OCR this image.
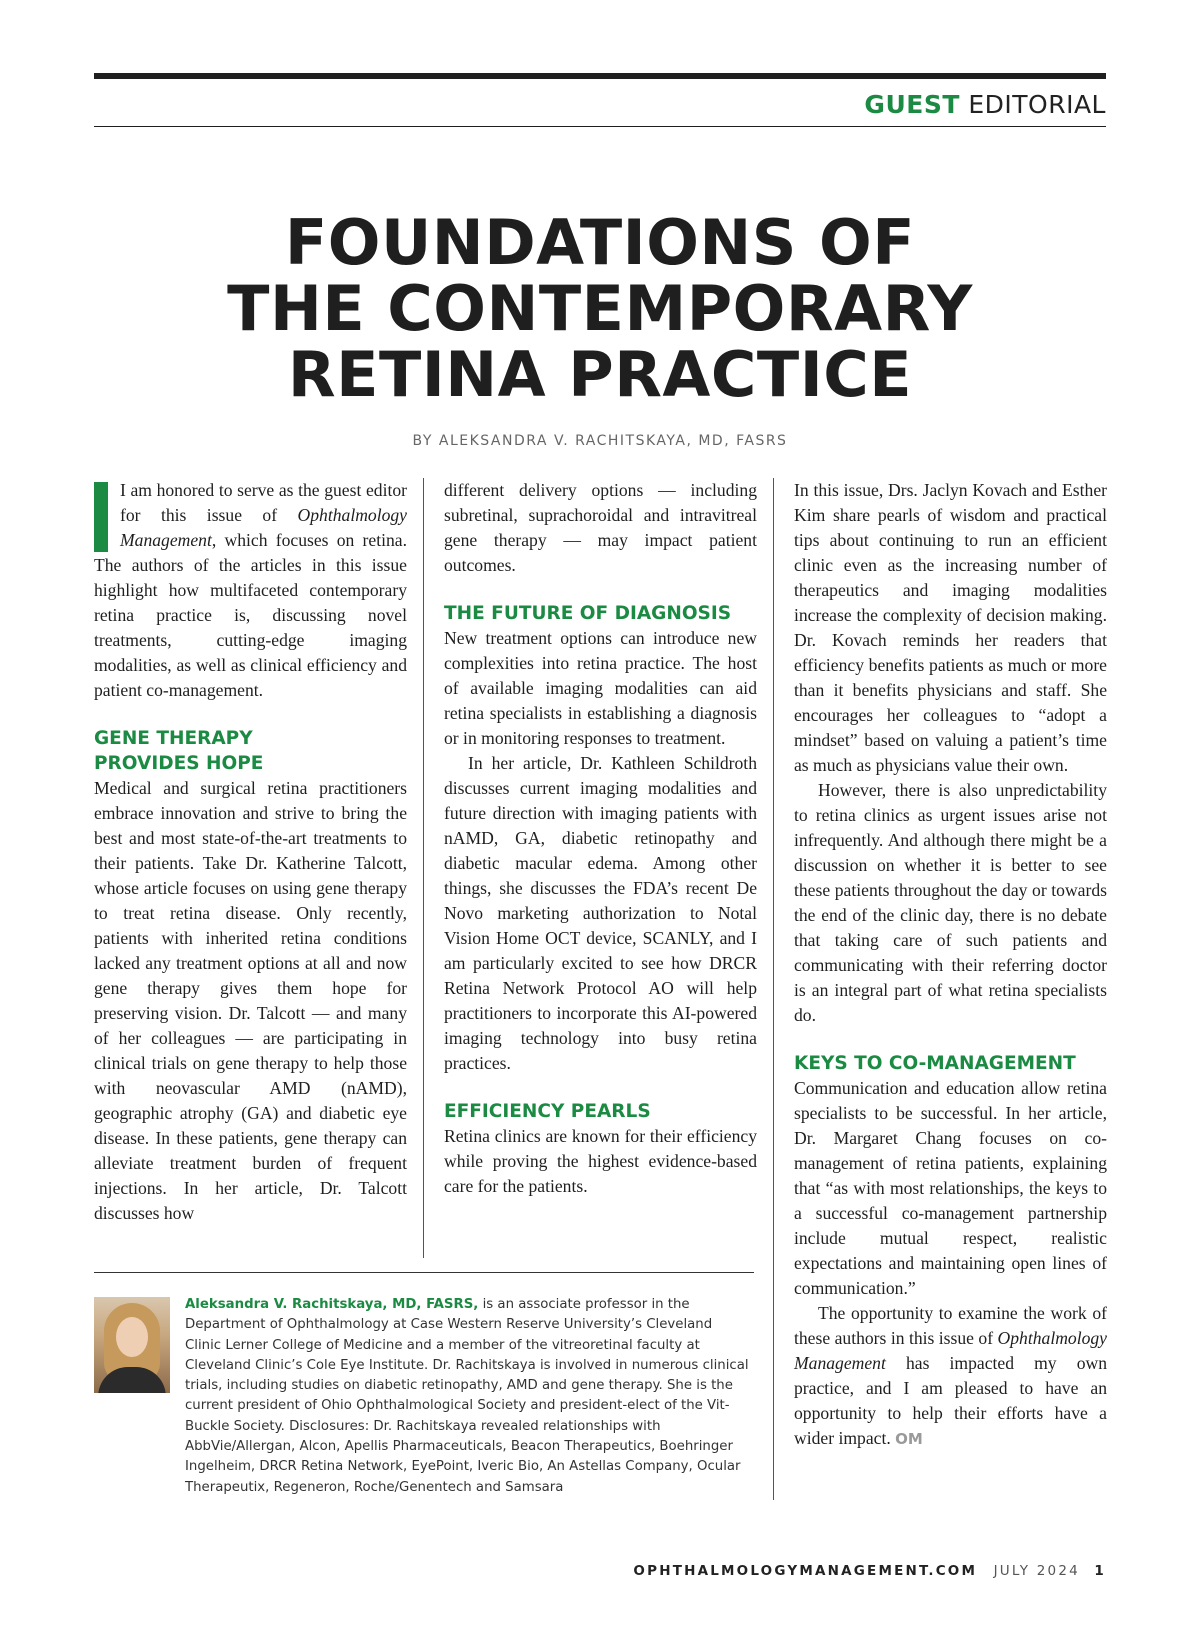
GUEST EDITORIAL
FOUNDATIONS OF
THE CONTEMPORARY
RETINA PRACTICE
BY ALEKSANDRA V. RACHITSKAYA, MD, FASRS

I am honored to serve as the guest editor for this issue of Ophthalmology Management, which focuses on retina. The authors of the articles in this issue highlight how multifaceted contemporary retina practice is, discussing novel treatments, cutting-edge imaging modalities, as well as clinical efficiency and patient co-management.

GENE THERAPY
PROVIDES HOPE

Medical and surgical retina practitioners embrace innovation and strive to bring the best and most state-of-the-art treatments to their patients. Take Dr. Katherine Talcott, whose article focuses on using gene therapy to treat retina disease. Only recently, patients with inherited retina conditions lacked any treatment options at all and now gene therapy gives them hope for preserving vision. Dr. Talcott — and many of her colleagues — are participating in clinical trials on gene therapy to help those with neovascular AMD (nAMD), geographic atrophy (GA) and diabetic eye disease. In these patients, gene therapy can alleviate treatment burden of frequent injections. In her article, Dr. Talcott discusses how

different delivery options — including subretinal, suprachoroidal and intravitreal gene therapy — may impact patient outcomes.

THE FUTURE OF DIAGNOSIS

New treatment options can introduce new complexities into retina practice. The host of available imaging modalities can aid retina specialists in establishing a diagnosis or in monitoring responses to treatment.

In her article, Dr. Kathleen Schildroth discusses current imaging modalities and future direction with imaging patients with nAMD, GA, diabetic retinopathy and diabetic macular edema. Among other things, she discusses the FDA’s recent De Novo marketing authorization to Notal Vision Home OCT device, SCANLY, and I am particularly excited to see how DRCR Retina Network Protocol AO will help practitioners to incorporate this AI-powered imaging technology into busy retina practices.

EFFICIENCY PEARLS

Retina clinics are known for their efficiency while proving the highest evidence-based care for the patients.

In this issue, Drs. Jaclyn Kovach and Esther Kim share pearls of wisdom and practical tips about continuing to run an efficient clinic even as the increasing number of therapeutics and imaging modalities increase the complexity of decision making. Dr. Kovach reminds her readers that efficiency benefits patients as much or more than it benefits physicians and staff. She encourages her colleagues to “adopt a mindset” based on valuing a patient’s time as much as physicians value their own.

However, there is also unpredictability to retina clinics as urgent issues arise not infrequently. And although there might be a discussion on whether it is better to see these patients throughout the day or towards the end of the clinic day, there is no debate that taking care of such patients and communicating with their referring doctor is an integral part of what retina specialists do.

KEYS TO CO-MANAGEMENT

Communication and education allow retina specialists to be successful. In her article, Dr. Margaret Chang focuses on co-management of retina patients, explaining that “as with most relationships, the keys to a successful co-management partnership include mutual respect, realistic expectations and maintaining open lines of communication.”

The opportunity to examine the work of these authors in this issue of Ophthalmology Management has impacted my own practice, and I am pleased to have an opportunity to help their efforts have a wider impact. OM

Aleksandra V. Rachitskaya, MD, FASRS, is an associate professor in the Department of Ophthalmology at Case Western Reserve University’s Cleveland Clinic Lerner College of Medicine and a member of the vitreoretinal faculty at Cleveland Clinic’s Cole Eye Institute. Dr. Rachitskaya is involved in numerous clinical trials, including studies on diabetic retinopathy, AMD and gene therapy. She is the current president of Ohio Ophthalmological Society and president-elect of the Vit-Buckle Society. Disclosures: Dr. Rachitskaya revealed relationships with AbbVie/Allergan, Alcon, Apellis Pharmaceuticals, Beacon Therapeutics, Boehringer Ingelheim, DRCR Retina Network, EyePoint, Iveric Bio, An Astellas Company, Ocular Therapeutix, Regeneron, Roche/Genentech and Samsara
OPHTHALMOLOGYMANAGEMENT.COM JULY 2024 1
